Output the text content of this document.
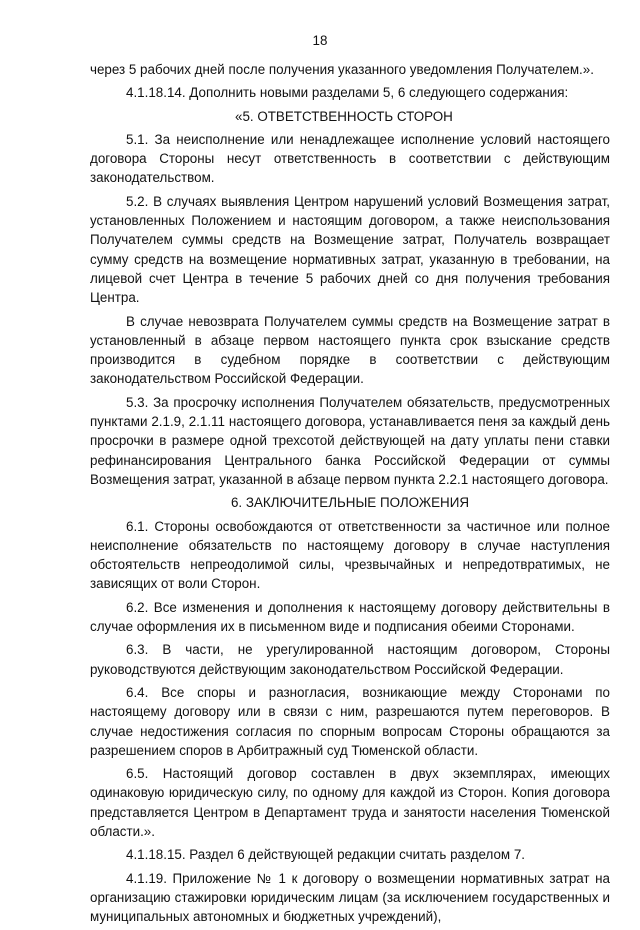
18

через 5 рабочих дней после получения указанного уведомления Получателем.».

4.1.18.14. Дополнить новыми разделами 5, 6 следующего содержания:

«5. ОТВЕТСТВЕННОСТЬ СТОРОН

5.1. За неисполнение или ненадлежащее исполнение условий настоящего договора Стороны несут ответственность в соответствии с действующим законодательством.

5.2. В случаях выявления Центром нарушений условий Возмещения затрат, установленных Положением и настоящим договором, а также неиспользования Получателем суммы средств на Возмещение затрат, Получатель возвращает сумму средств на возмещение нормативных затрат, указанную в требовании, на лицевой счет Центра в течение 5 рабочих дней со дня получения требования Центра.

В случае невозврата Получателем суммы средств на Возмещение затрат в установленный в абзаце первом настоящего пункта срок взыскание средств производится в судебном порядке в соответствии с действующим законодательством Российской Федерации.

5.3. За просрочку исполнения Получателем обязательств, предусмотренных пунктами 2.1.9, 2.1.11 настоящего договора, устанавливается пеня за каждый день просрочки в размере одной трехсотой действующей на дату уплаты пени ставки рефинансирования Центрального банка Российской Федерации от суммы Возмещения затрат, указанной в абзаце первом пункта 2.2.1 настоящего договора.

6. ЗАКЛЮЧИТЕЛЬНЫЕ ПОЛОЖЕНИЯ

6.1. Стороны освобождаются от ответственности за частичное или полное неисполнение обязательств по настоящему договору в случае наступления обстоятельств непреодолимой силы, чрезвычайных и непредотвратимых, не зависящих от воли Сторон.

6.2. Все изменения и дополнения к настоящему договору действительны в случае оформления их в письменном виде и подписания обеими Сторонами.

6.3. В части, не урегулированной настоящим договором, Стороны руководствуются действующим законодательством Российской Федерации.

6.4. Все споры и разногласия, возникающие между Сторонами по настоящему договору или в связи с ним, разрешаются путем переговоров. В случае недостижения согласия по спорным вопросам Стороны обращаются за разрешением споров в Арбитражный суд Тюменской области.

6.5. Настоящий договор составлен в двух экземплярах, имеющих одинаковую юридическую силу, по одному для каждой из Сторон. Копия договора представляется Центром в Департамент труда и занятости населения Тюменской области.».

4.1.18.15. Раздел 6 действующей редакции считать разделом 7.

4.1.19. Приложение № 1 к договору о возмещении нормативных затрат на организацию стажировки юридическим лицам (за исключением государственных и муниципальных автономных и бюджетных учреждений),
